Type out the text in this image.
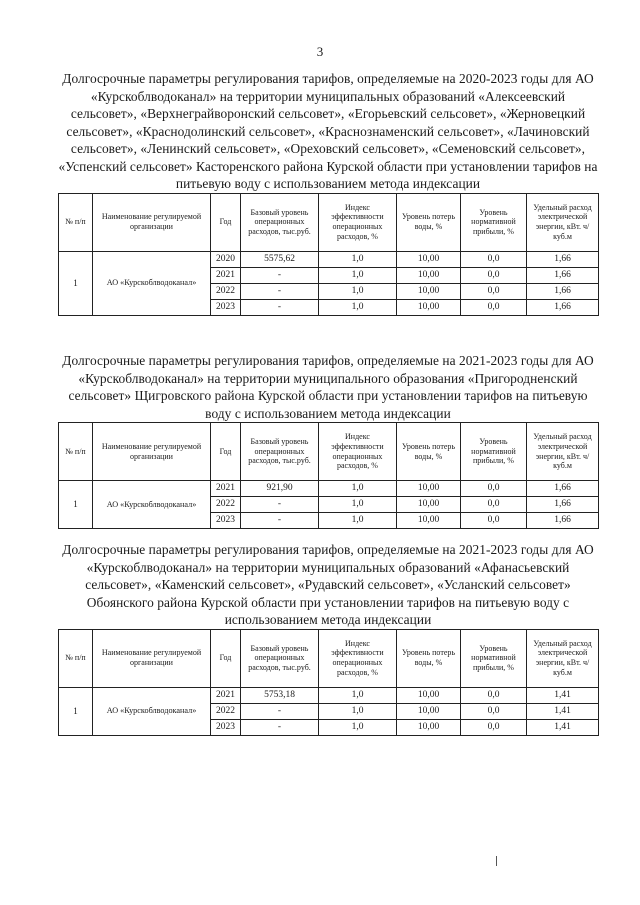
3

Долгосрочные параметры регулирования тарифов, определяемые на 2020-2023 годы для АО «Курскоблводоканал» на территории муниципальных образований «Алексеевский сельсовет», «Верхнеграйворонский сельсовет», «Егорьевский сельсовет», «Жерновецкий сельсовет», «Краснодолинский сельсовет», «Краснознаменский сельсовет», «Лачиновский сельсовет», «Ленинский сельсовет», «Ореховский сельсовет», «Семеновский сельсовет», «Успенский сельсовет» Касторенского района Курской области при установлении тарифов на питьевую воду с использованием метода индексации

№ п/п	Наименование регулируемой организации	Год	Базовый уровень операционных расходов, тыс.руб.	Индекс эффективности операционных расходов, %	Уровень потерь воды, %	Уровень нормативной прибыли, %	Удельный расход электрической энергии, кВт. ч/куб.м
1	АО «Курскоблводоканал»	2020	5575,62	1,0	10,00	0,0	1,66
		2021	-	1,0	10,00	0,0	1,66
		2022	-	1,0	10,00	0,0	1,66
		2023	-	1,0	10,00	0,0	1,66

Долгосрочные параметры регулирования тарифов, определяемые на 2021-2023 годы для АО «Курскоблводоканал» на территории муниципального образования «Пригородненский сельсовет» Щигровского района Курской области при установлении тарифов на питьевую воду с использованием метода индексации

№ п/п	Наименование регулируемой организации	Год	Базовый уровень операционных расходов, тыс.руб.	Индекс эффективности операционных расходов, %	Уровень потерь воды, %	Уровень нормативной прибыли, %	Удельный расход электрической энергии, кВт. ч/куб.м
1	АО «Курскоблводоканал»	2021	921,90	1,0	10,00	0,0	1,66
		2022	-	1,0	10,00	0,0	1,66
		2023	-	1,0	10,00	0,0	1,66

Долгосрочные параметры регулирования тарифов, определяемые на 2021-2023 годы для АО «Курскоблводоканал» на территории муниципальных образований «Афанасьевский сельсовет», «Каменский сельсовет», «Рудавский сельсовет», «Усланский сельсовет» Обоянского района Курской области при установлении тарифов на питьевую воду с использованием метода индексации

№ п/п	Наименование регулируемой организации	Год	Базовый уровень операционных расходов, тыс.руб.	Индекс эффективности операционных расходов, %	Уровень потерь воды, %	Уровень нормативной прибыли, %	Удельный расход электрической энергии, кВт. ч/куб.м
1	АО «Курскоблводоканал»	2021	5753,18	1,0	10,00	0,0	1,41
		2022	-	1,0	10,00	0,0	1,41
		2023	-	1,0	10,00	0,0	1,41
